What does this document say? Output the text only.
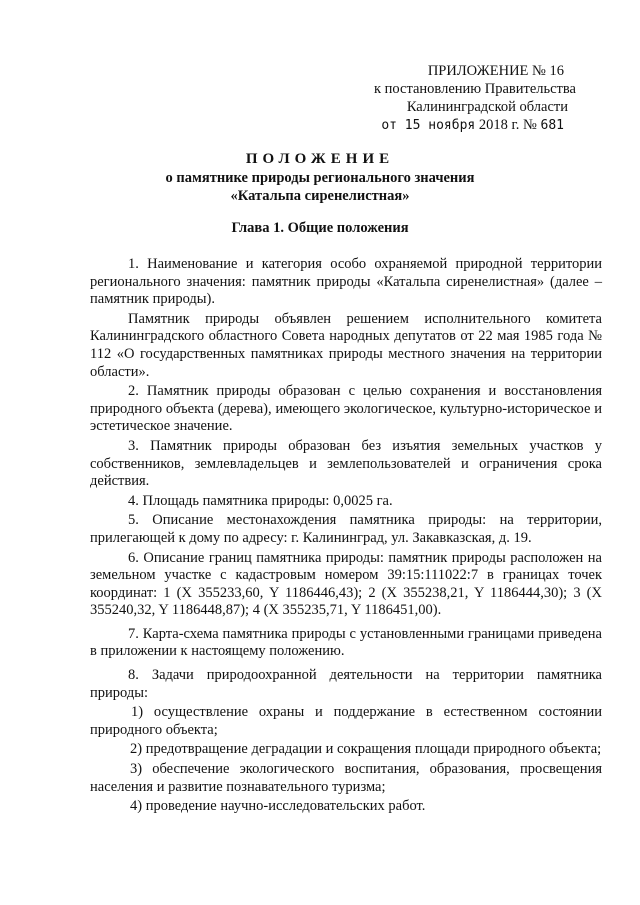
ПРИЛОЖЕНИЕ № 16
к постановлению Правительства
Калининградской области
от 15 ноября 2018 г. № 681
ПОЛОЖЕНИЕ
о памятнике природы регионального значения
«Катальпа сиренелистная»
Глава 1. Общие положения

1. Наименование и категория особо охраняемой природной территории регионального значения: памятник природы «Катальпа сиренелистная» (далее – памятник природы).

Памятник природы объявлен решением исполнительного комитета Калининградского областного Совета народных депутатов от 22 мая 1985 года № 112 «О государственных памятниках природы местного значения на территории области».

2. Памятник природы образован с целью сохранения и восстановления природного объекта (дерева), имеющего экологическое, культурно-историческое и эстетическое значение.

3. Памятник природы образован без изъятия земельных участков у собственников, землевладельцев и землепользователей и ограничения срока действия.

4. Площадь памятника природы: 0,0025 га.

5. Описание местонахождения памятника природы: на территории, прилегающей к дому по адресу: г. Калининград, ул. Закавказская, д. 19.

6. Описание границ памятника природы: памятник природы расположен на земельном участке с кадастровым номером 39:15:111022:7 в границах точек координат: 1 (X 355233,60, Y 1186446,43); 2 (X 355238,21, Y 1186444,30); 3 (X 355240,32, Y 1186448,87); 4 (X 355235,71, Y 1186451,00).

7. Карта-схема памятника природы с установленными границами приведена в приложении к настоящему положению.

8. Задачи природоохранной деятельности на территории памятника природы:

1) осуществление охраны и поддержание в естественном состоянии природного объекта;

2) предотвращение деградации и сокращения площади природного объекта;

3) обеспечение экологического воспитания, образования, просвещения населения и развитие познавательного туризма;

4) проведение научно-исследовательских работ.
